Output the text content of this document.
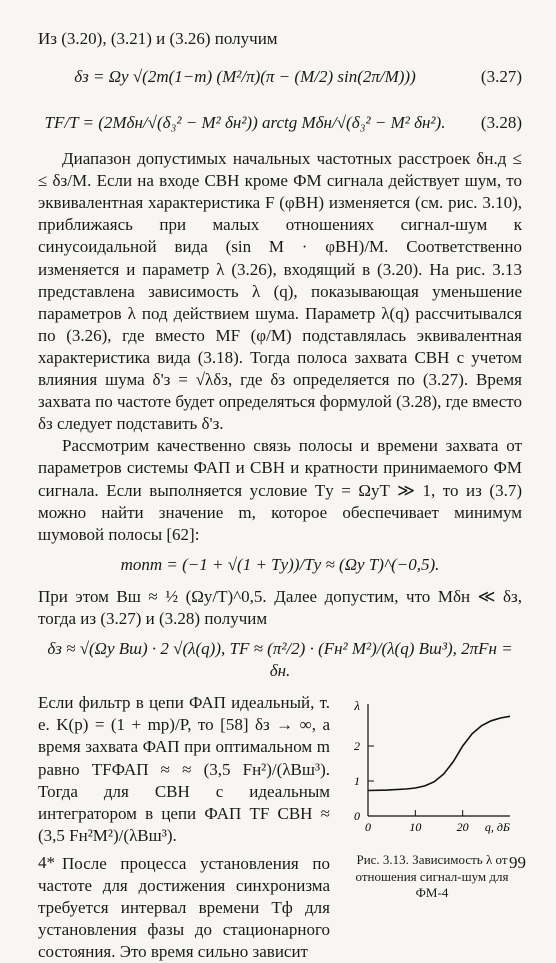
Из (3.20), (3.21) и (3.26) получим

δз = Ωу √(2m(1−m) (M²/π)(π − (M/2) sin(2π/M)))	(3.27)
TF/T = (2Mδн/√(δ₃² − M² δн²)) arctg Mδн/√(δ₃² − M² δн²).	(3.28)

Диапазон допустимых начальных частотных расстроек δн.д ≤ ≤ δз/M. Если на входе СВН кроме ФМ сигнала действует шум, то эквивалентная характеристика F (φВН) изменяется (см. рис. 3.10), приближаясь при малых отношениях сигнал-шум к синусоидальной вида (sin M · φВН)/M. Соответственно изменяется и параметр λ (3.26), входящий в (3.20). На рис. 3.13 представлена зависимость λ (q), показывающая уменьшение параметров λ под действием шума. Параметр λ(q) рассчитывался по (3.26), где вместо MF (φ/M) подставлялась эквивалентная характеристика вида (3.18). Тогда полоса захвата СВН с учетом влияния шума δ'з = √λδз, где δз определяется по (3.27). Время захвата по частоте будет определяться формулой (3.28), где вместо δз следует подставить δ'з.

Рассмотрим качественно связь полосы и времени захвата от параметров системы ФАП и СВН и кратности принимаемого ФМ сигнала. Если выполняется условие Tу = ΩуT ≫ 1, то из (3.7) можно найти значение m, которое обеспечивает минимум шумовой полосы [62]:

mопт = (−1 + √(1 + Tу))/Tу ≈ (Ωу T)^(−0,5).

При этом Bш ≈ ½ (Ωу/T)^0,5. Далее допустим, что Mδн ≪ δз, тогда из (3.27) и (3.28) получим

δз ≈ √(Ωу Bш) · 2 √(λ(q)), TF ≈ (π²/2) · (Fн² M²)/(λ(q) Bш³), 2πFн = δн.

Если фильтр в цепи ФАП идеальный, т. е. K(p) = (1 + mp)/P, то [58] δз → ∞, а время захвата ФАП при оптимальном m равно TFФАП ≈ ≈ (3,5 Fн²)/(λBш³). Тогда для СВН с идеальным интегратором в цепи ФАП TF СВН ≈ (3,5 Fн²M²)/(λBш³).

После процесса установления по частоте для достижения синхронизма требуется интервал времени Tф для установления фазы до стационарного состояния. Это время сильно зависит

0
1
2
0	10	20
λ
q, дБ
Рис. 3.13. Зависимость λ от отношения сигнал-шум для ФМ-4
4*	99
